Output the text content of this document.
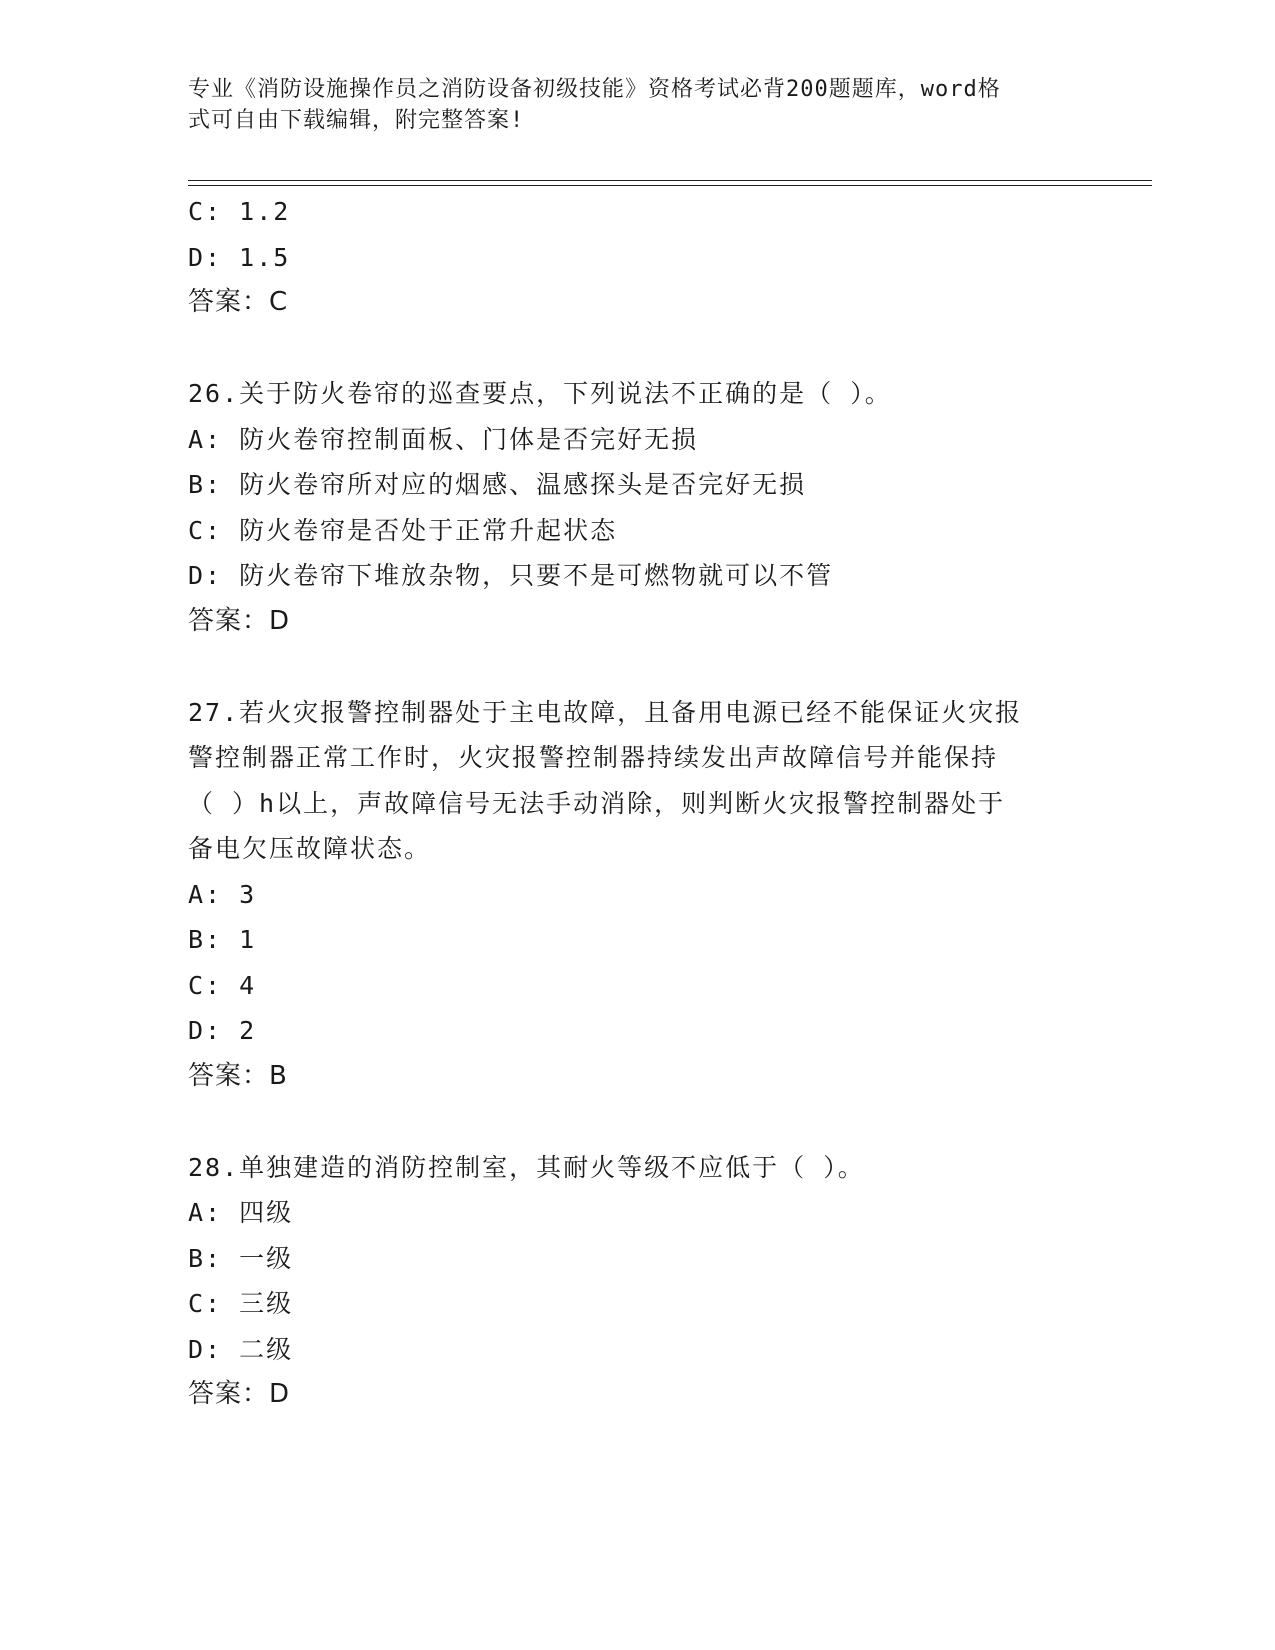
专业《消防设施操作员之消防设备初级技能》资格考试必背200题题库，word格
式可自由下载编辑，附完整答案!
C: 1.2
D: 1.5
答案：C
26.关于防火卷帘的巡查要点，下列说法不正确的是（ ）。
A: 防火卷帘控制面板、门体是否完好无损
B: 防火卷帘所对应的烟感、温感探头是否完好无损
C: 防火卷帘是否处于正常升起状态
D: 防火卷帘下堆放杂物，只要不是可燃物就可以不管
答案：D
27.若火灾报警控制器处于主电故障，且备用电源已经不能保证火灾报
警控制器正常工作时，火灾报警控制器持续发出声故障信号并能保持
（ ）h以上，声故障信号无法手动消除，则判断火灾报警控制器处于
备电欠压故障状态。
A: 3
B: 1
C: 4
D: 2
答案：B
28.单独建造的消防控制室，其耐火等级不应低于（ ）。
A: 四级
B: 一级
C: 三级
D: 二级
答案：D
